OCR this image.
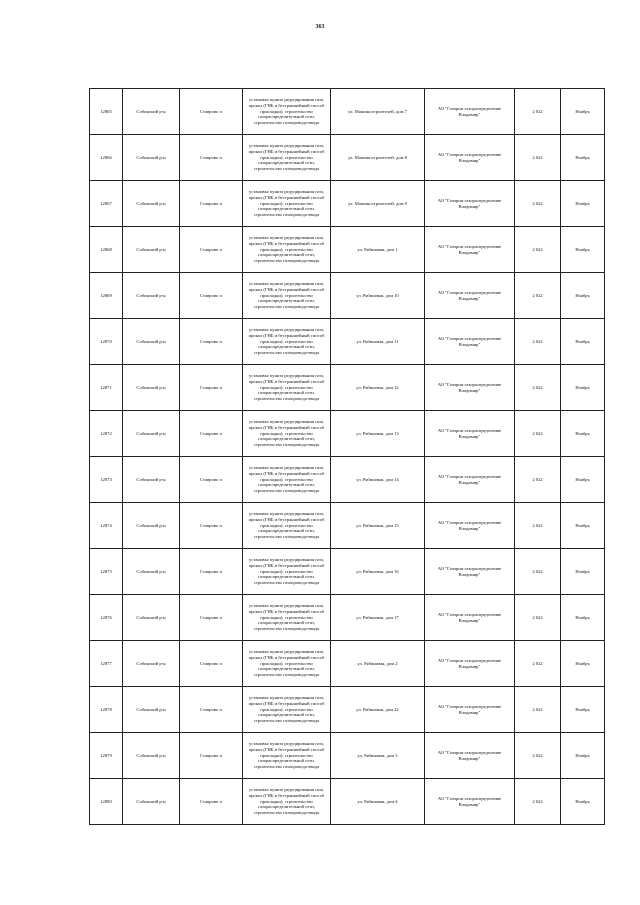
363
12865	Собинский р-н	Ставрово п	установка пункта редуцирования газа, прокол (ГНБ и бестраншейный способ прокладки), строительство газораспределительной сети, строительство газопровода-ввода	ул. Машиностроителей, дом 7	АО "Газпром газораспределение Владимир"	2 022	Ноябрь
12866	Собинский р-н	Ставрово п	установка пункта редуцирования газа, прокол (ГНБ и бестраншейный способ прокладки), строительство газораспределительной сети, строительство газопровода-ввода	ул. Машиностроителей, дом 8	АО "Газпром газораспределение Владимир"	2 022	Ноябрь
12867	Собинский р-н	Ставрово п	установка пункта редуцирования газа, прокол (ГНБ и бестраншейный способ прокладки), строительство газораспределительной сети, строительство газопровода-ввода	ул. Машиностроителей, дом 9	АО "Газпром газораспределение Владимир"	2 022	Ноябрь
12868	Собинский р-н	Ставрово п	установка пункта редуцирования газа, прокол (ГНБ и бестраншейный способ прокладки), строительство газораспределительной сети, строительство газопровода-ввода	ул. Рябиновая, дом 1	АО "Газпром газораспределение Владимир"	2 022	Ноябрь
12869	Собинский р-н	Ставрово п	установка пункта редуцирования газа, прокол (ГНБ и бестраншейный способ прокладки), строительство газораспределительной сети, строительство газопровода-ввода	ул. Рябиновая, дом 10	АО "Газпром газораспределение Владимир"	2 022	Ноябрь
12870	Собинский р-н	Ставрово п	установка пункта редуцирования газа, прокол (ГНБ и бестраншейный способ прокладки), строительство газораспределительной сети, строительство газопровода-ввода	ул. Рябиновая, дом 11	АО "Газпром газораспределение Владимир"	2 022	Ноябрь
12871	Собинский р-н	Ставрово п	установка пункта редуцирования газа, прокол (ГНБ и бестраншейный способ прокладки), строительство газораспределительной сети, строительство газопровода-ввода	ул. Рябиновая, дом 12	АО "Газпром газораспределение Владимир"	2 022	Ноябрь
12872	Собинский р-н	Ставрово п	установка пункта редуцирования газа, прокол (ГНБ и бестраншейный способ прокладки), строительство газораспределительной сети, строительство газопровода-ввода	ул. Рябиновая, дом 13	АО "Газпром газораспределение Владимир"	2 022	Ноябрь
12873	Собинский р-н	Ставрово п	установка пункта редуцирования газа, прокол (ГНБ и бестраншейный способ прокладки), строительство газораспределительной сети, строительство газопровода-ввода	ул. Рябиновая, дом 14	АО "Газпром газораспределение Владимир"	2 022	Ноябрь
12874	Собинский р-н	Ставрово п	установка пункта редуцирования газа, прокол (ГНБ и бестраншейный способ прокладки), строительство газораспределительной сети, строительство газопровода-ввода	ул. Рябиновая, дом 15	АО "Газпром газораспределение Владимир"	2 022	Ноябрь
12875	Собинский р-н	Ставрово п	установка пункта редуцирования газа, прокол (ГНБ и бестраншейный способ прокладки), строительство газораспределительной сети, строительство газопровода-ввода	ул. Рябиновая, дом 16	АО "Газпром газораспределение Владимир"	2 022	Ноябрь
12876	Собинский р-н	Ставрово п	установка пункта редуцирования газа, прокол (ГНБ и бестраншейный способ прокладки), строительство газораспределительной сети, строительство газопровода-ввода	ул. Рябиновая, дом 17	АО "Газпром газораспределение Владимир"	2 022	Ноябрь
12877	Собинский р-н	Ставрово п	установка пункта редуцирования газа, прокол (ГНБ и бестраншейный способ прокладки), строительство газораспределительной сети, строительство газопровода-ввода	ул. Рябиновая, дом 2	АО "Газпром газораспределение Владимир"	2 022	Ноябрь
12878	Собинский р-н	Ставрово п	установка пункта редуцирования газа, прокол (ГНБ и бестраншейный способ прокладки), строительство газораспределительной сети, строительство газопровода-ввода	ул. Рябиновая, дом 22	АО "Газпром газораспределение Владимир"	2 022	Ноябрь
12879	Собинский р-н	Ставрово п	установка пункта редуцирования газа, прокол (ГНБ и бестраншейный способ прокладки), строительство газораспределительной сети, строительство газопровода-ввода	ул. Рябиновая, дом 3	АО "Газпром газораспределение Владимир"	2 022	Ноябрь
12880	Собинский р-н	Ставрово п	установка пункта редуцирования газа, прокол (ГНБ и бестраншейный способ прокладки), строительство газораспределительной сети, строительство газопровода-ввода	ул. Рябиновая, дом 4	АО "Газпром газораспределение Владимир"	2 022	Ноябрь
